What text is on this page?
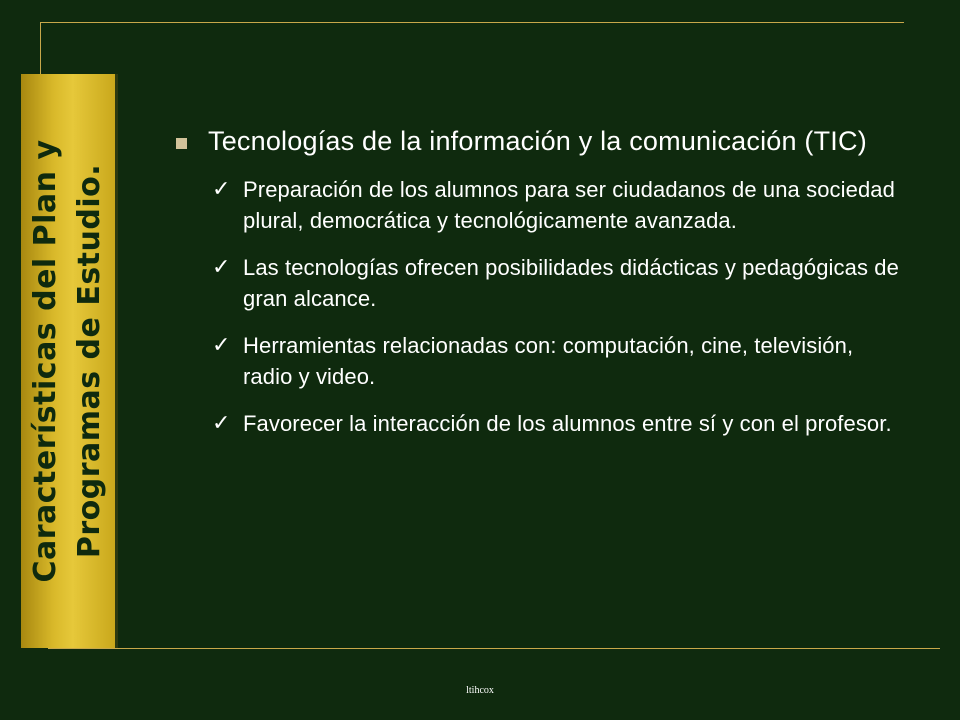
Características del Plan y Programas de Estudio.
Tecnologías de la información y la comunicación (TIC)
✓ Preparación de los alumnos para ser ciudadanos de una sociedad plural, democrática y tecnológicamente avanzada.
✓ Las tecnologías ofrecen posibilidades didácticas y pedagógicas de gran alcance.
✓ Herramientas relacionadas con: computación, cine, televisión, radio y video.
✓ Favorecer la interacción de los alumnos entre sí y con el profesor.
ltihcox
